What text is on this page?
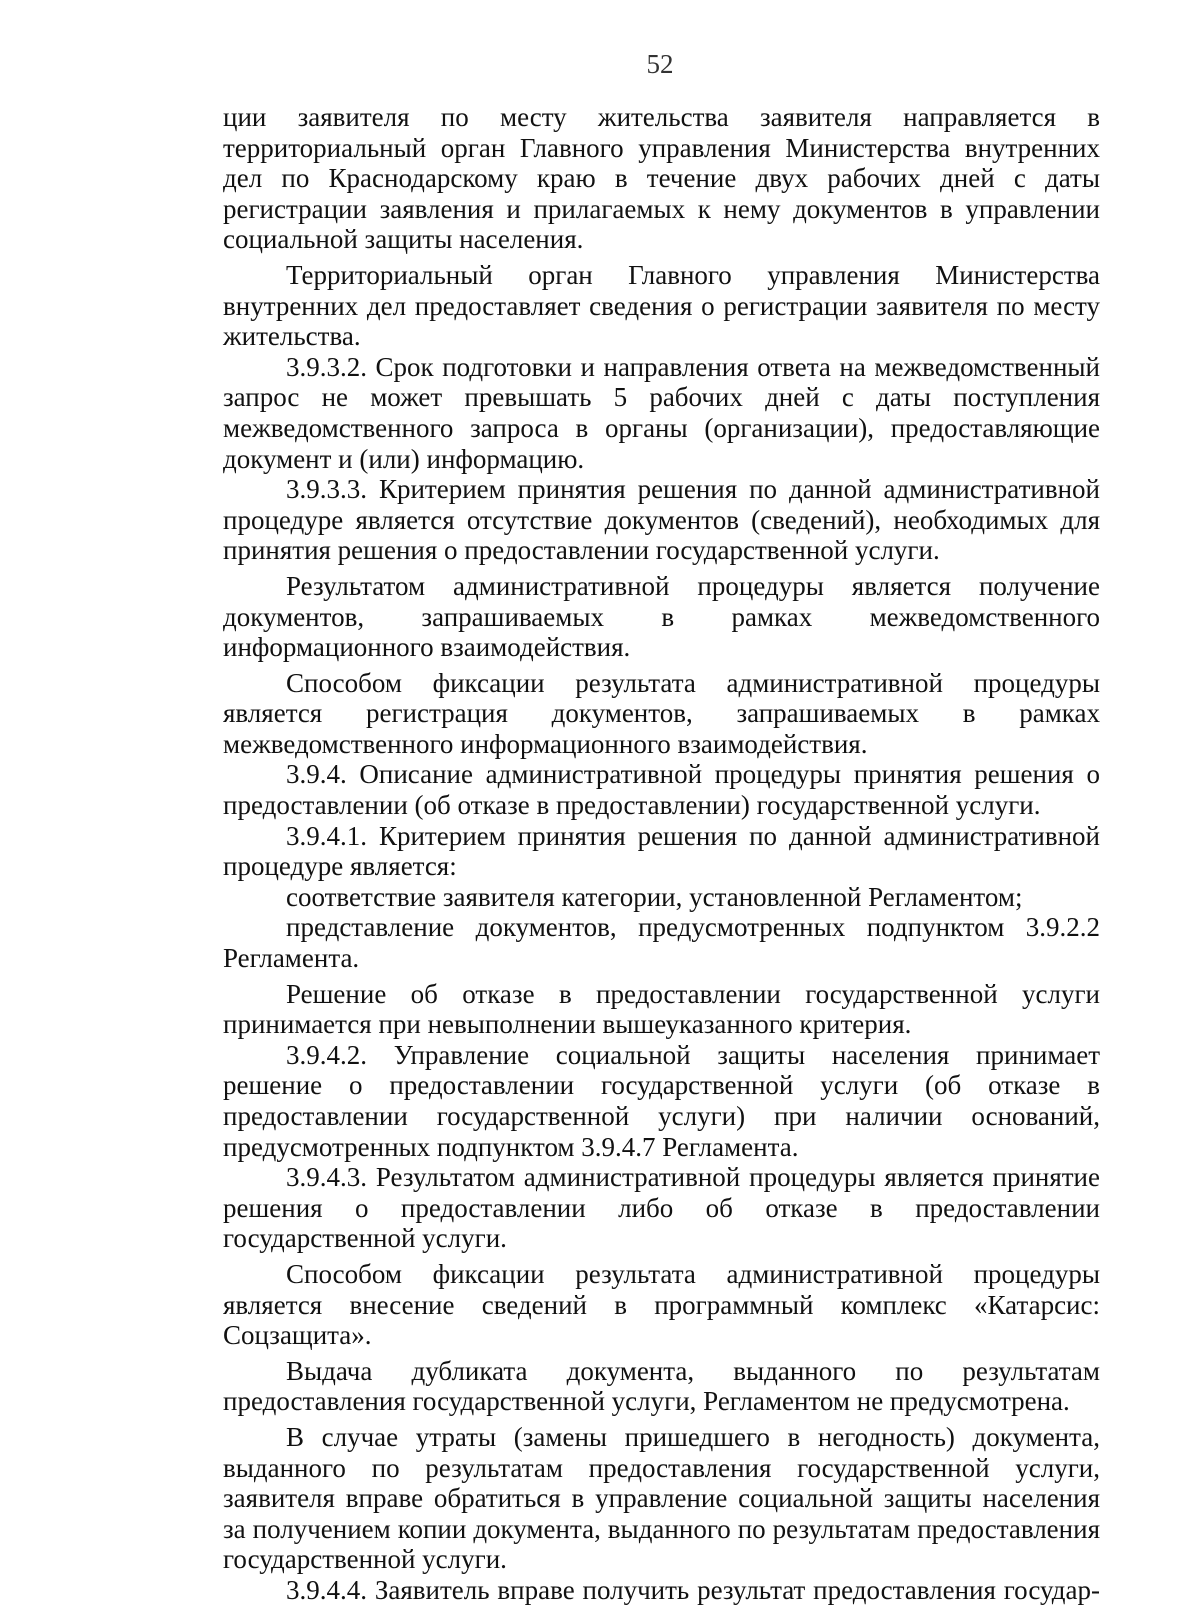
52

ции заявителя по месту жительства заявителя направляется в территориальный орган Главного управления Министерства внутренних дел по Краснодарскому краю в течение двух рабочих дней с даты регистрации заявления и прилагаемых к нему документов в управлении социальной защиты населения.

Территориальный орган Главного управления Министерства внутренних дел предоставляет сведения о регистрации заявителя по месту жительства.

3.9.3.2. Срок подготовки и направления ответа на межведомственный запрос не может превышать 5 рабочих дней с даты поступления межведомственного запроса в органы (организации), предоставляющие документ и (или) информацию.

3.9.3.3. Критерием принятия решения по данной административной процедуре является отсутствие документов (сведений), необходимых для принятия решения о предоставлении государственной услуги.

Результатом административной процедуры является получение документов, запрашиваемых в рамках межведомственного информационного взаимодействия.

Способом фиксации результата административной процедуры является регистрация документов, запрашиваемых в рамках межведомственного информационного взаимодействия.

3.9.4. Описание административной процедуры принятия решения о предоставлении (об отказе в предоставлении) государственной услуги.

3.9.4.1. Критерием принятия решения по данной административной процедуре является:

соответствие заявителя категории, установленной Регламентом;

представление документов, предусмотренных подпунктом 3.9.2.2 Регламента.

Решение об отказе в предоставлении государственной услуги принимается при невыполнении вышеуказанного критерия.

3.9.4.2. Управление социальной защиты населения принимает решение о предоставлении государственной услуги (об отказе в предоставлении государственной услуги) при наличии оснований, предусмотренных подпунктом 3.9.4.7 Регламента.

3.9.4.3. Результатом административной процедуры является принятие решения о предоставлении либо об отказе в предоставлении государственной услуги.

Способом фиксации результата административной процедуры является внесение сведений в программный комплекс «Катарсис: Соцзащита».

Выдача дубликата документа, выданного по результатам предоставления государственной услуги, Регламентом не предусмотрена.

В случае утраты (замены пришедшего в негодность) документа, выданного по результатам предоставления государственной услуги, заявителя вправе обратиться в управление социальной защиты населения за получением копии документа, выданного по результатам предоставления государственной услуги.

3.9.4.4. Заявитель вправе получить результат предоставления государ-
